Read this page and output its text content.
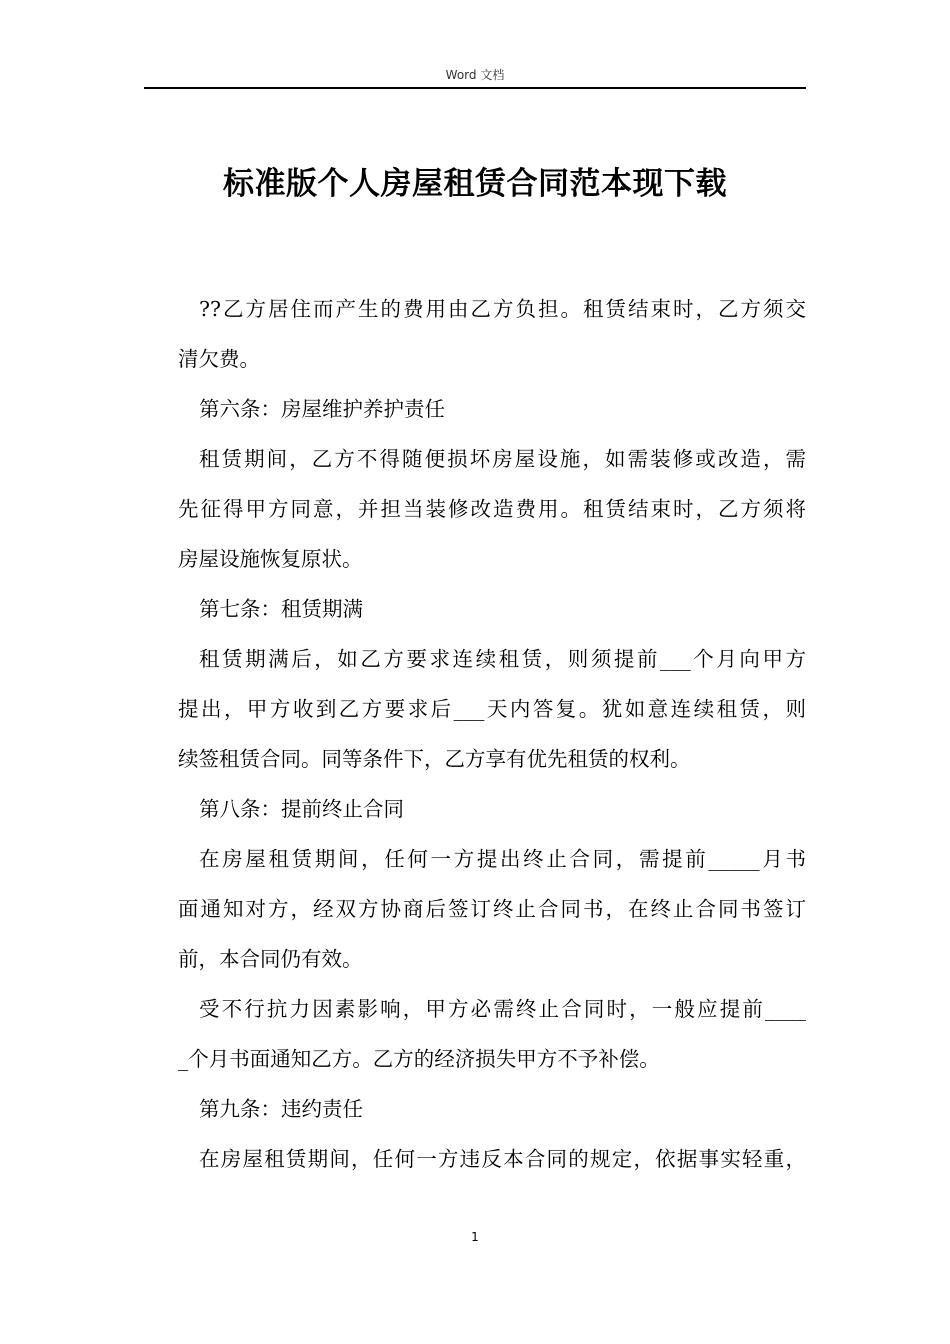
Word 文档
标准版个人房屋租赁合同范本现下载
??乙方居住而产生的费用由乙方负担。租赁结束时，乙方须交
清欠费。
第六条：房屋维护养护责任
租赁期间，乙方不得随便损坏房屋设施，如需装修或改造，需
先征得甲方同意，并担当装修改造费用。租赁结束时，乙方须将
房屋设施恢复原状。
第七条：租赁期满
租赁期满后，如乙方要求连续租赁，则须提前___个月向甲方
提出，甲方收到乙方要求后___天内答复。犹如意连续租赁，则
续签租赁合同。同等条件下，乙方享有优先租赁的权利。
第八条：提前终止合同
在房屋租赁期间，任何一方提出终止合同，需提前_____月书
面通知对方，经双方协商后签订终止合同书，在终止合同书签订
前，本合同仍有效。
受不行抗力因素影响，甲方必需终止合同时，一般应提前____
_个月书面通知乙方。乙方的经济损失甲方不予补偿。
第九条：违约责任
在房屋租赁期间，任何一方违反本合同的规定，依据事实轻重，
1
